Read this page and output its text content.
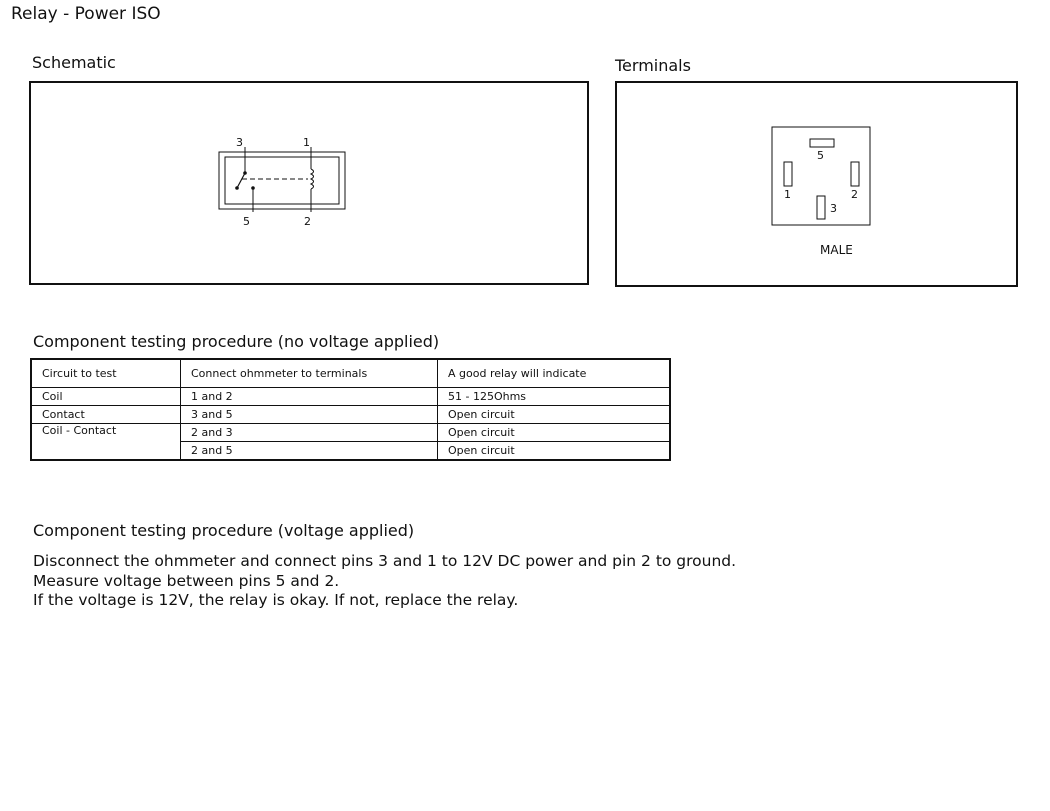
Relay - Power ISO
Schematic
3	1
5	2
Terminals
5
1	2
3
MALE
Component testing procedure (no voltage applied)
Circuit to test	Connect ohmmeter to terminals	A good relay will indicate
Coil	1 and 2	51 - 125Ohms
Contact	3 and 5	Open circuit
Coil - Contact	2 and 3	Open circuit
	2 and 5	Open circuit
Component testing procedure (voltage applied)
Disconnect the ohmmeter and connect pins 3 and 1 to 12V DC power and pin 2 to ground.
Measure voltage between pins 5 and 2.
If the voltage is 12V, the relay is okay. If not, replace the relay.
